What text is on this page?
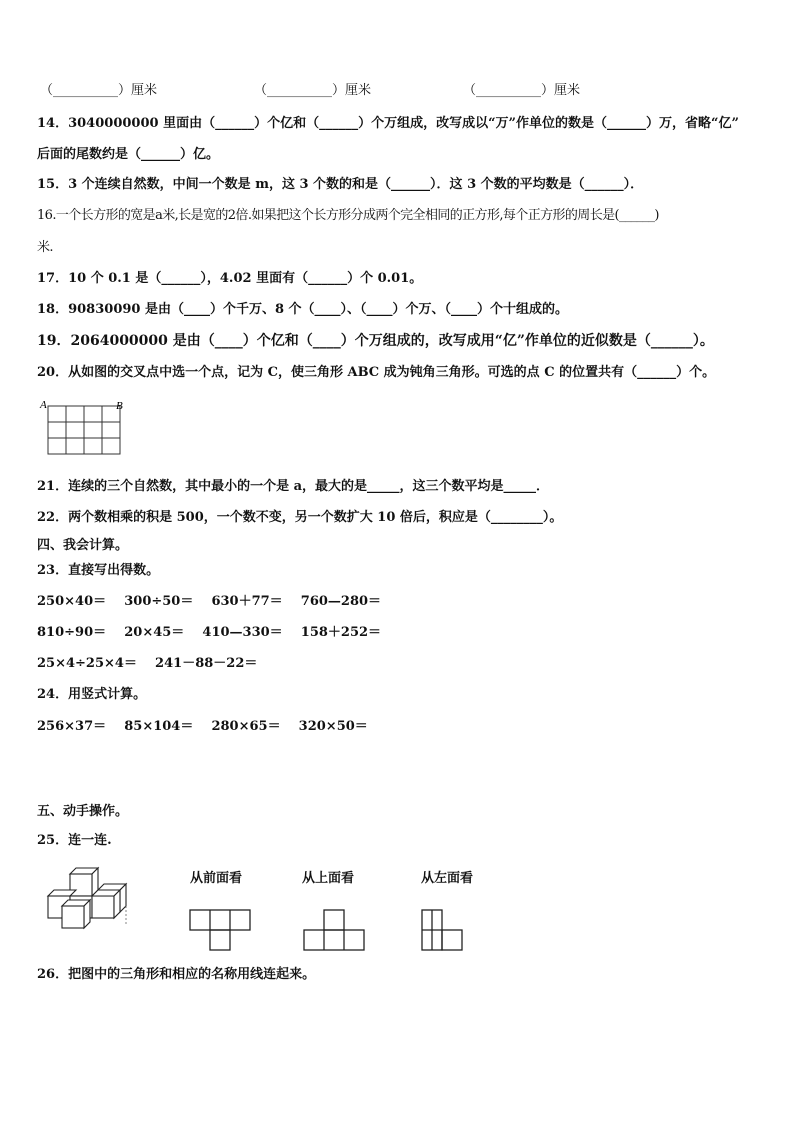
（__________）厘米	（__________）厘米	（__________）厘米
14．3040000000 里面由（______）个亿和（______）个万组成，改写成以“万”作单位的数是（______）万，省略“亿”
后面的尾数约是（______）亿。
15．3 个连续自然数，中间一个数是 m，这 3 个数的和是（______）．这 3 个数的平均数是（______）．
16.一个长方形的宽是a米,长是宽的2倍.如果把这个长方形分成两个完全相同的正方形,每个正方形的周长是(______)
米.
17．10 个 0.1 是（______），4.02 里面有（______）个 0.01。
18．90830090 是由（____）个千万、8 个（____）、（____）个万、（____）个十组成的。
19．2064000000 是由（____）个亿和（____）个万组成的，改写成用“亿”作单位的近似数是（______）。
20．从如图的交叉点中选一个点，记为 C，使三角形 ABC 成为钝角三角形。可选的点 C 的位置共有（______）个。
A	B
21．连续的三个自然数，其中最小的一个是 a，最大的是_____，这三个数平均是_____．
22．两个数相乘的积是 500，一个数不变，另一个数扩大 10 倍后，积应是（________）。
四、我会计算。
23．直接写出得数。
250×40＝    300÷50＝    630＋77＝    760—280＝
810÷90＝    20×45＝    410—330＝    158＋252＝
25×4÷25×4＝    241－88－22＝
24．用竖式计算。
256×37＝    85×104＝    280×65＝    320×50＝
五、动手操作。
25．连一连.
从前面看	从上面看	从左面看
26．把图中的三角形和相应的名称用线连起来。
